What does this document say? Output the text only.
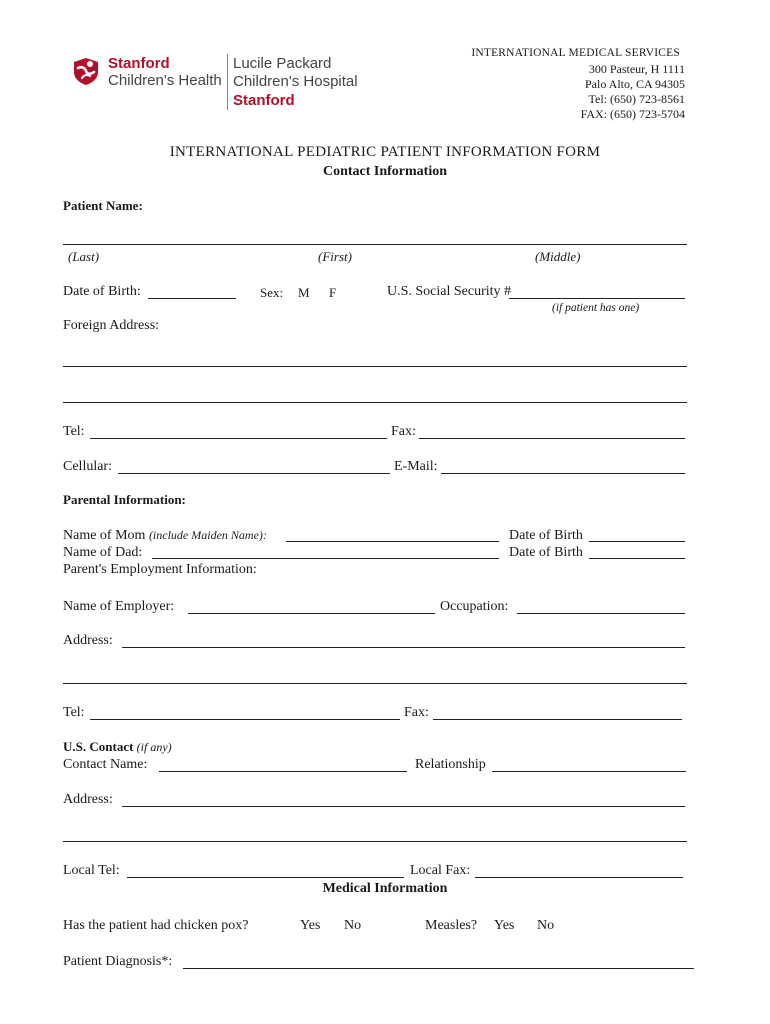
Stanford
Children's Health
Lucile Packard
Children's Hospital
Stanford
INTERNATIONAL MEDICAL SERVICES
300 Pasteur, H 1111
Palo Alto, CA 94305
Tel: (650) 723-8561
FAX: (650) 723-5704
INTERNATIONAL PEDIATRIC PATIENT INFORMATION FORM
Contact Information
Patient Name:
(Last)	(First)	(Middle)
Date of Birth:	Sex: M F	U.S. Social Security #
(if patient has one)
Foreign Address:
Tel:	Fax:
Cellular:	E-Mail:
Parental Information:
Name of Mom (include Maiden Name):	Date of Birth
Name of Dad:	Date of Birth
Parent's Employment Information:
Name of Employer:	Occupation:
Address:
Tel:	Fax:
U.S. Contact (if any)
Contact Name:	Relationship
Address:
Local Tel:	Local Fax:
Medical Information
Has the patient had chicken pox?	Yes No	Measles? Yes No
Patient Diagnosis*:
